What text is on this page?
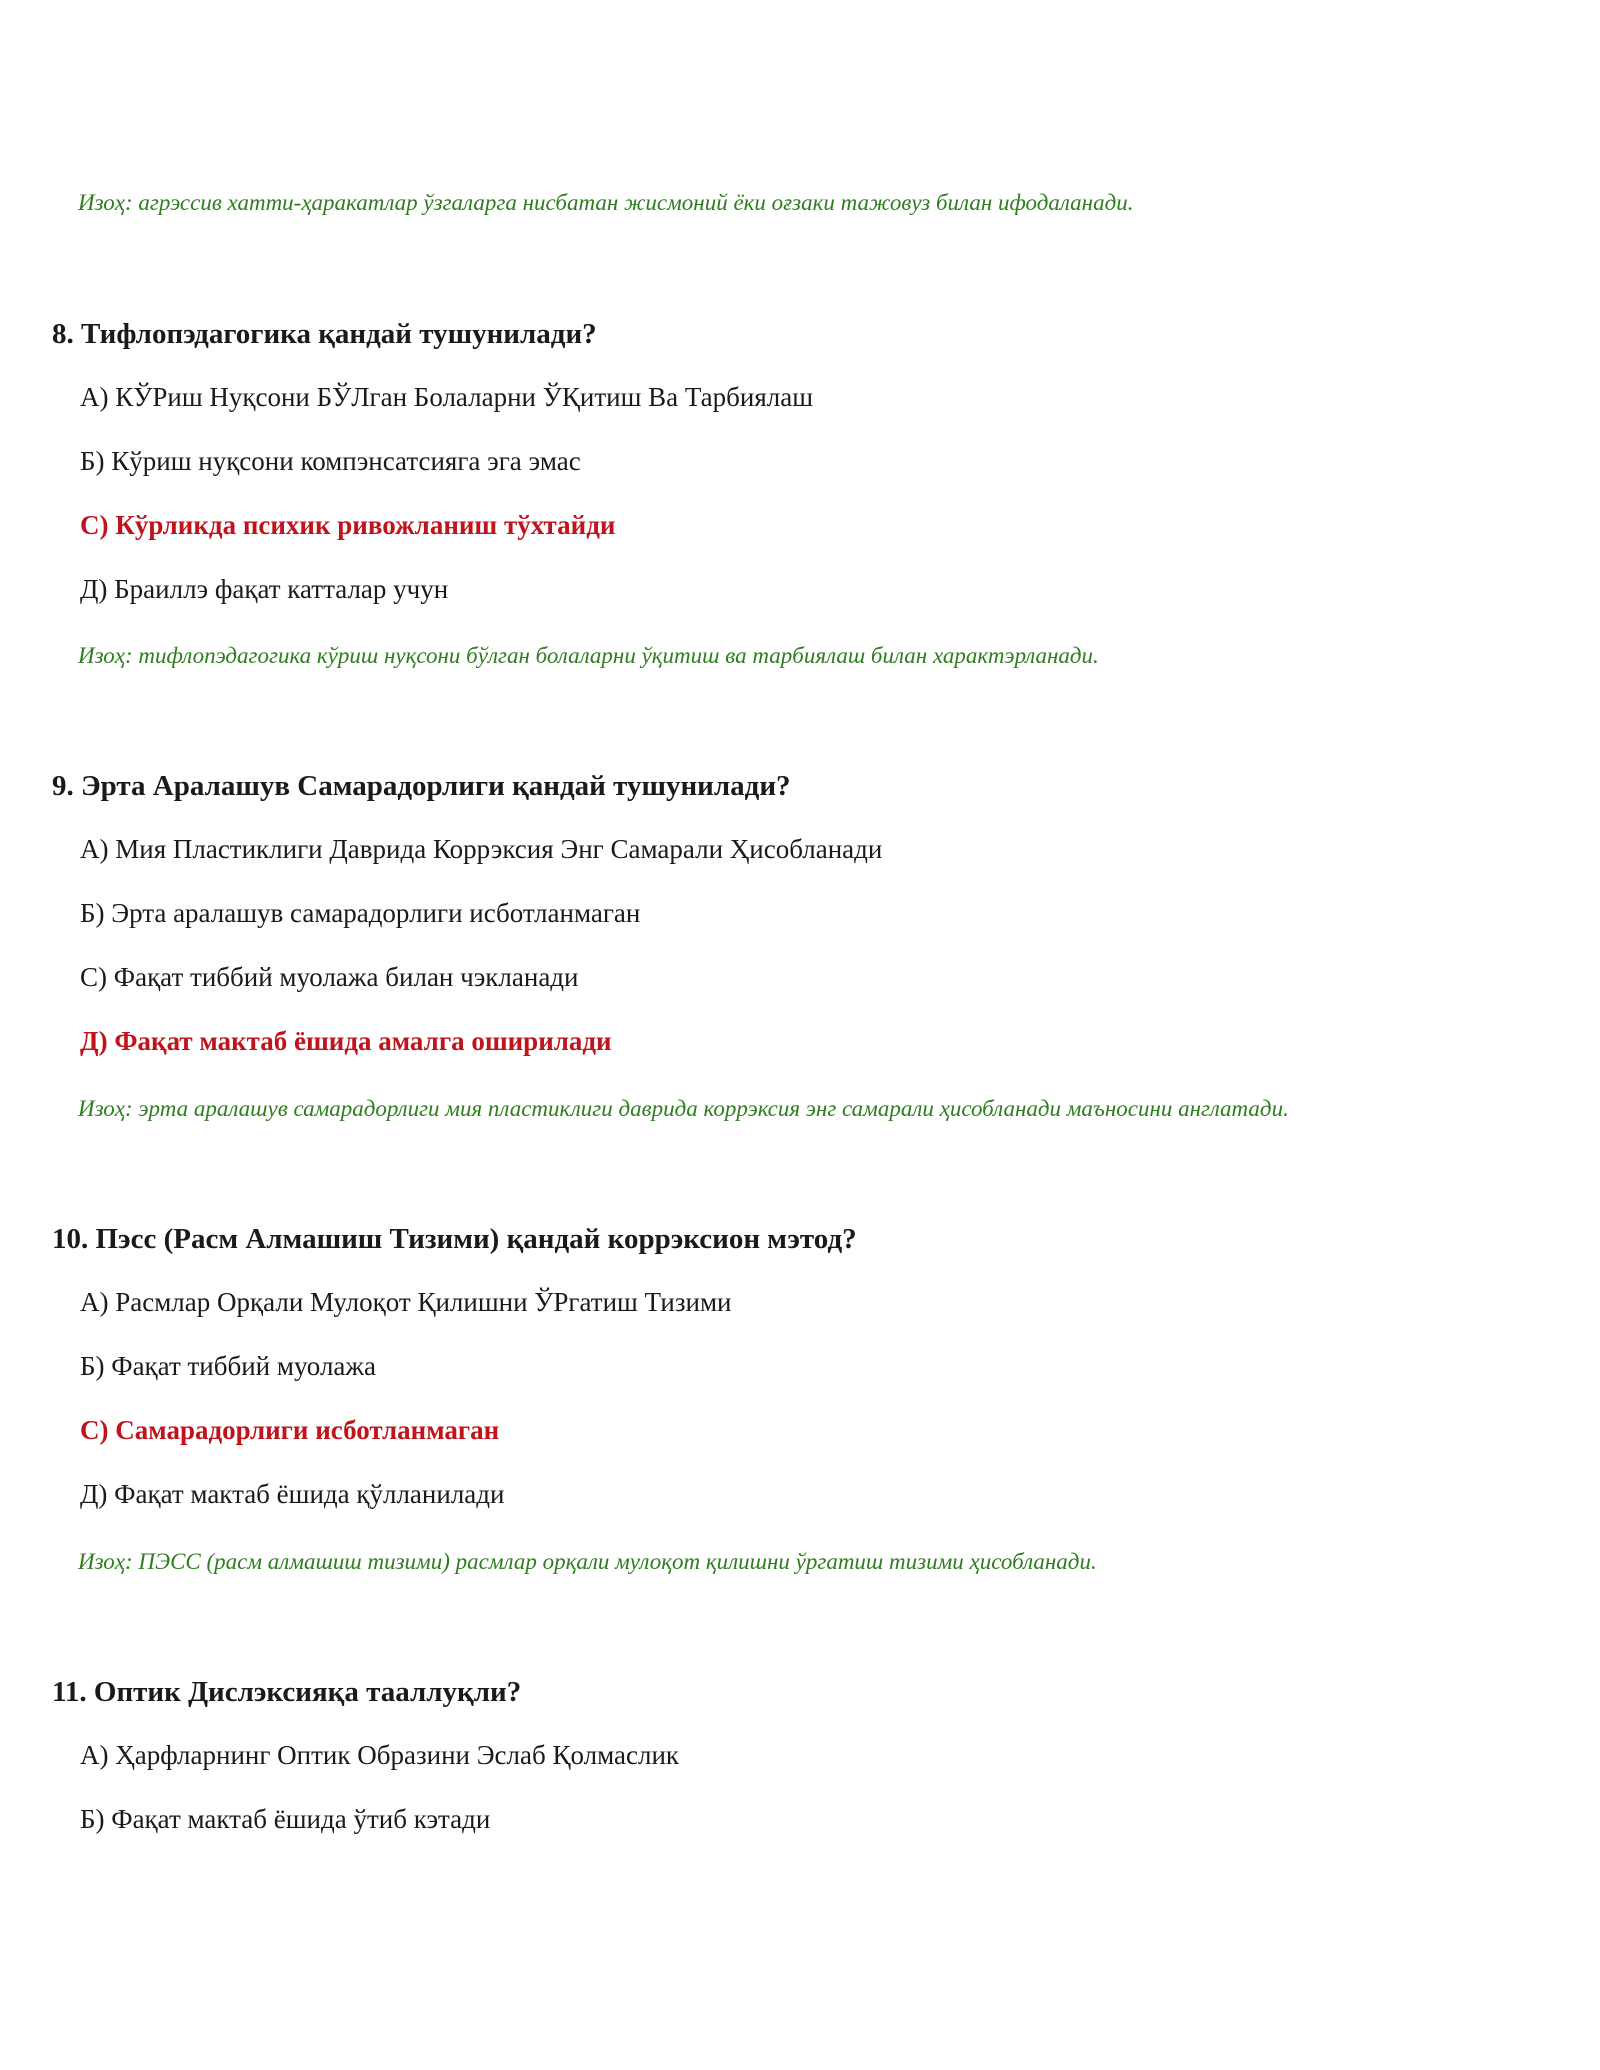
Изоҳ: агрэссив хатти-ҳаракатлар ўзгаларга нисбатан жисмоний ёки оғзаки тажовуз билан ифодаланади.
8. Тифлопэдагогика қандай тушунилади?
А) КЎРиш Нуқсони БЎЛган Болаларни ЎҚитиш Ва Тарбиялаш
Б) Кўриш нуқсони компэнсатсияга эга эмас
С) Кўрликда психик ривожланиш тўхтайди
Д) Браиллэ фақат катталар учун
Изоҳ: тифлопэдагогика кўриш нуқсони бўлган болаларни ўқитиш ва тарбиялаш билан характэрланади.
9. Эрта Аралашув Самарадорлиги қандай тушунилади?
А) Мия Пластиклиги Даврида Коррэксия Энг Самарали Ҳисобланади
Б) Эрта аралашув самарадорлиги исботланмаган
С) Фақат тиббий муолажа билан чэкланади
Д) Фақат мактаб ёшида амалга оширилади
Изоҳ: эрта аралашув самарадорлиги мия пластиклиги даврида коррэксия энг самарали ҳисобланади маъносини англатади.
10. Пэсс (Расм Алмашиш Тизими) қандай коррэксион мэтод?
А) Расмлар Орқали Мулоқот Қилишни ЎРгатиш Тизими
Б) Фақат тиббий муолажа
С) Самарадорлиги исботланмаган
Д) Фақат мактаб ёшида қўлланилади
Изоҳ: ПЭСС (расм алмашиш тизими) расмлар орқали мулоқот қилишни ўргатиш тизими ҳисобланади.
11. Оптик Дислэксияқа тааллуқли?
А) Ҳарфларнинг Оптик Образини Эслаб Қолмаслик
Б) Фақат мактаб ёшида ўтиб кэтади
